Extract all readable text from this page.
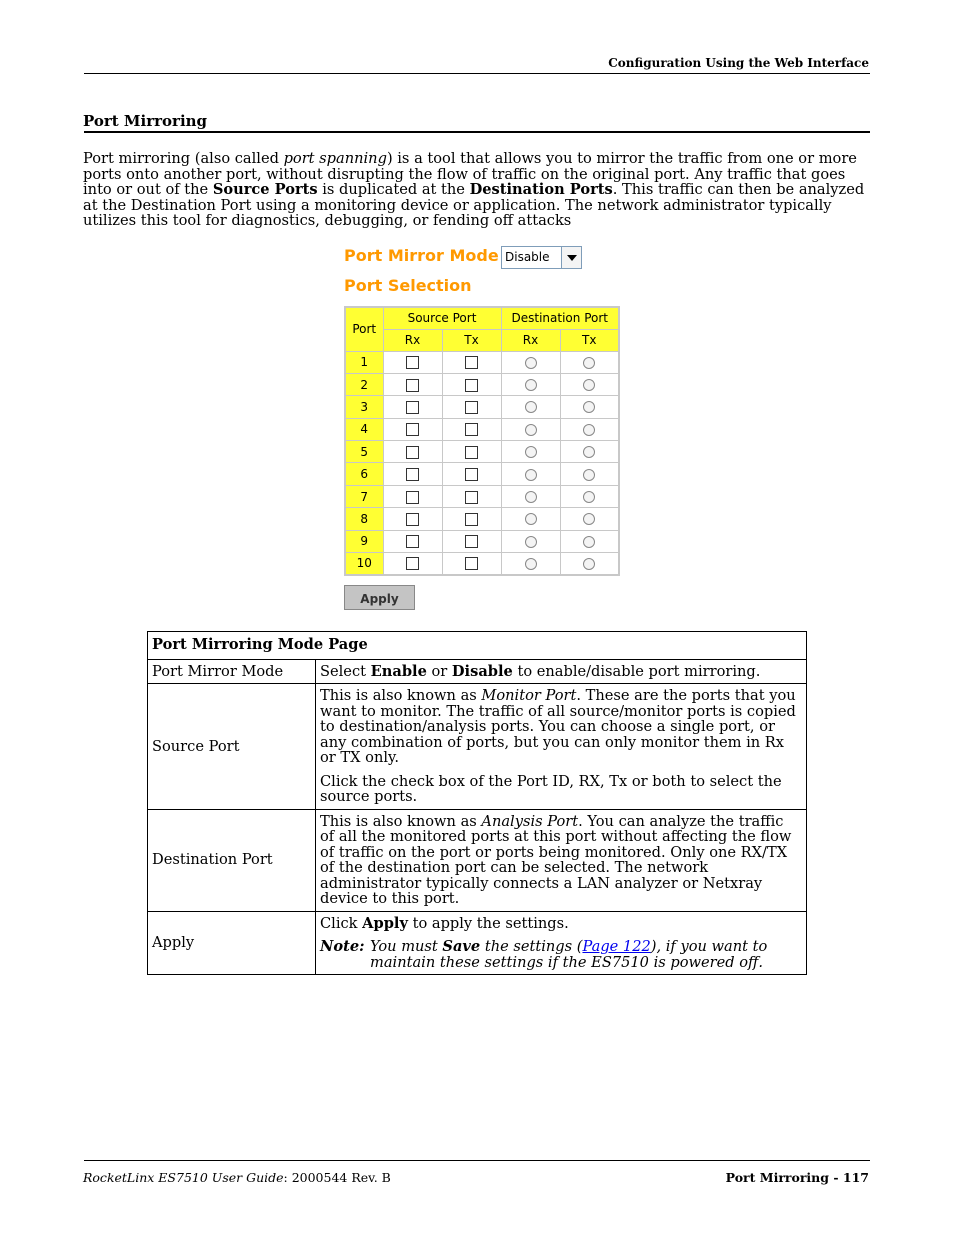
Configuration Using the Web Interface
Port Mirroring

Port mirroring (also called port spanning) is a tool that allows you to mirror the traffic from one or more ports onto another port, without disrupting the flow of traffic on the original port. Any traffic that goes into or out of the Source Ports is duplicated at the Destination Ports. This traffic can then be analyzed at the Destination Port using a monitoring device or application. The network administrator typically utilizes this tool for diagnostics, debugging, or fending off attacks

Port Mirror Mode Disable
Port Selection
Port	Source Port		Destination Port	
	Rx	Tx	Rx	Tx
1				
2				
3				
4				
5				
6				
7				
8				
9				
10				
Apply
Port Mirroring Mode Page	
Port Mirror Mode	Select Enable or Disable to enable/disable port mirroring.
Source Port	This is also known as Monitor Port. These are the ports that you want to monitor. The traffic of all source/monitor ports is copied to destination/analysis ports. You can choose a single port, or any combination of ports, but you can only monitor them in Rx or TX only.

Click the check box of the Port ID, RX, Tx or both to select the source ports.

Destination Port	This is also known as Analysis Port. You can analyze the traffic of all the monitored ports at this port without affecting the flow of traffic on the port or ports being monitored. Only one RX/TX of the destination port can be selected. The network administrator typically connects a LAN analyzer or Netxray device to this port.
Apply	Click Apply to apply the settings.

Note: You must Save the settings (Page 122), if you want to maintain these settings if the ES7510 is powered off.

RocketLinx ES7510 User Guide: 2000544 Rev. B	Port Mirroring - 117
